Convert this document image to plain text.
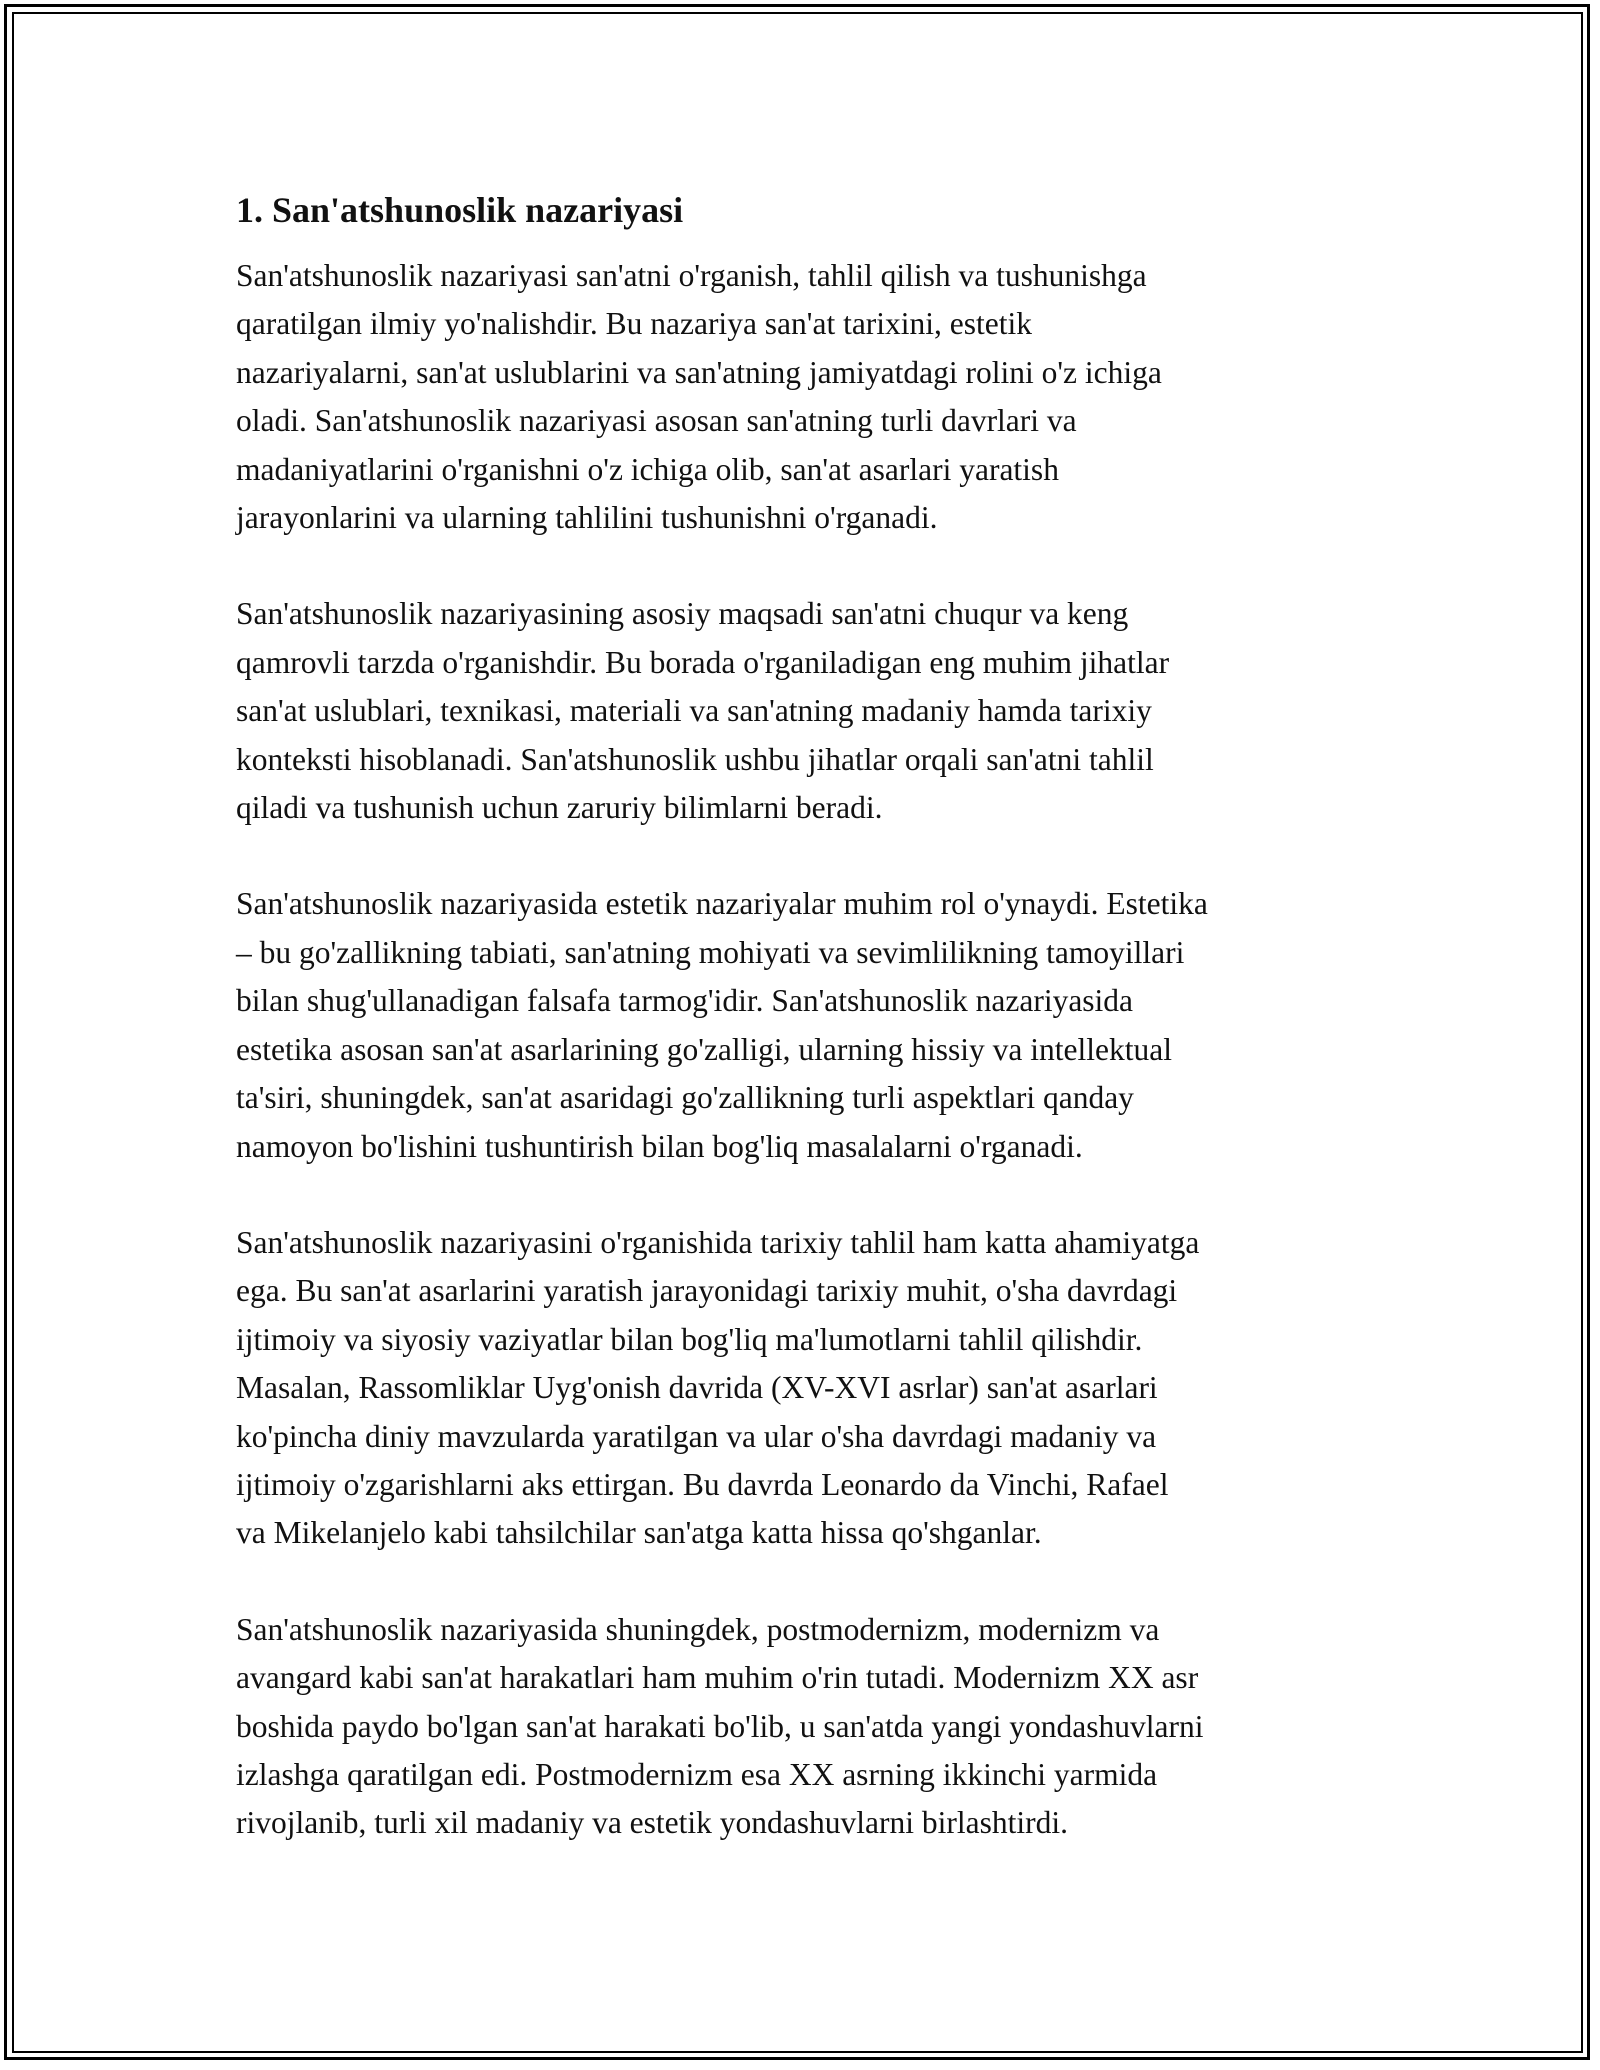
1. San'atshunoslik nazariyasi

San'atshunoslik nazariyasi san'atni o'rganish, tahlil qilish va tushunishga
qaratilgan ilmiy yo'nalishdir. Bu nazariya san'at tarixini, estetik
nazariyalarni, san'at uslublarini va san'atning jamiyatdagi rolini o'z ichiga
oladi. San'atshunoslik nazariyasi asosan san'atning turli davrlari va
madaniyatlarini o'rganishni o'z ichiga olib, san'at asarlari yaratish
jarayonlarini va ularning tahlilini tushunishni o'rganadi.

San'atshunoslik nazariyasining asosiy maqsadi san'atni chuqur va keng
qamrovli tarzda o'rganishdir. Bu borada o'rganiladigan eng muhim jihatlar
san'at uslublari, texnikasi, materiali va san'atning madaniy hamda tarixiy
konteksti hisoblanadi. San'atshunoslik ushbu jihatlar orqali san'atni tahlil
qiladi va tushunish uchun zaruriy bilimlarni beradi.

San'atshunoslik nazariyasida estetik nazariyalar muhim rol o'ynaydi. Estetika
– bu go'zallikning tabiati, san'atning mohiyati va sevimlilikning tamoyillari
bilan shug'ullanadigan falsafa tarmog'idir. San'atshunoslik nazariyasida
estetika asosan san'at asarlarining go'zalligi, ularning hissiy va intellektual
ta'siri, shuningdek, san'at asaridagi go'zallikning turli aspektlari qanday
namoyon bo'lishini tushuntirish bilan bog'liq masalalarni o'rganadi.

San'atshunoslik nazariyasini o'rganishida tarixiy tahlil ham katta ahamiyatga
ega. Bu san'at asarlarini yaratish jarayonidagi tarixiy muhit, o'sha davrdagi
ijtimoiy va siyosiy vaziyatlar bilan bog'liq ma'lumotlarni tahlil qilishdir.
Masalan, Rassomliklar Uyg'onish davrida (XV-XVI asrlar) san'at asarlari
ko'pincha diniy mavzularda yaratilgan va ular o'sha davrdagi madaniy va
ijtimoiy o'zgarishlarni aks ettirgan. Bu davrda Leonardo da Vinchi, Rafael
va Mikelanjelo kabi tahsilchilar san'atga katta hissa qo'shganlar.

San'atshunoslik nazariyasida shuningdek, postmodernizm, modernizm va
avangard kabi san'at harakatlari ham muhim o'rin tutadi. Modernizm XX asr
boshida paydo bo'lgan san'at harakati bo'lib, u san'atda yangi yondashuvlarni
izlashga qaratilgan edi. Postmodernizm esa XX asrning ikkinchi yarmida
rivojlanib, turli xil madaniy va estetik yondashuvlarni birlashtirdi.
